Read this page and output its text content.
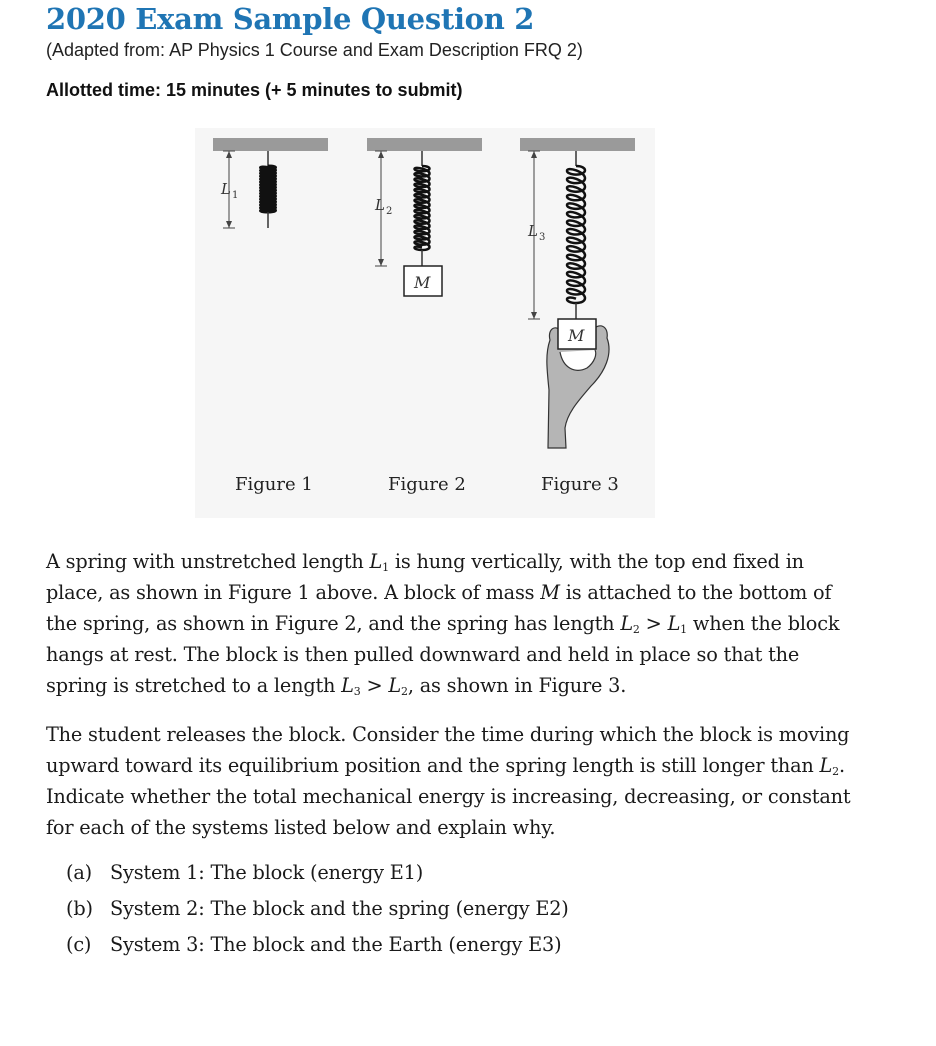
2020 Exam Sample Question 2
(Adapted from: AP Physics 1 Course and Exam Description FRQ 2)
Allotted time: 15 minutes (+ 5 minutes to submit)
L 1
Figure 1
M
L 2
Figure 2
M
L 3
Figure 3
A spring with unstretched length $L_1$ is hung vertically, with the top end fixed in
place, as shown in Figure 1 above. A block of mass M is attached to the bottom of
the spring, as shown in Figure 2, and the spring has length $L_2 > L_1$ when the block
hangs at rest. The block is then pulled downward and held in place so that the
spring is stretched to a length $L_3 > L_2$, as shown in Figure 3.
The student releases the block. Consider the time during which the block is moving
upward toward its equilibrium position and the spring length is still longer than $L_2$.
Indicate whether the total mechanical energy is increasing, decreasing, or constant
for each of the systems listed below and explain why.
(a) System 1: The block (energy E1)
(b) System 2: The block and the spring (energy E2)
(c) System 3: The block and the Earth (energy E3)
